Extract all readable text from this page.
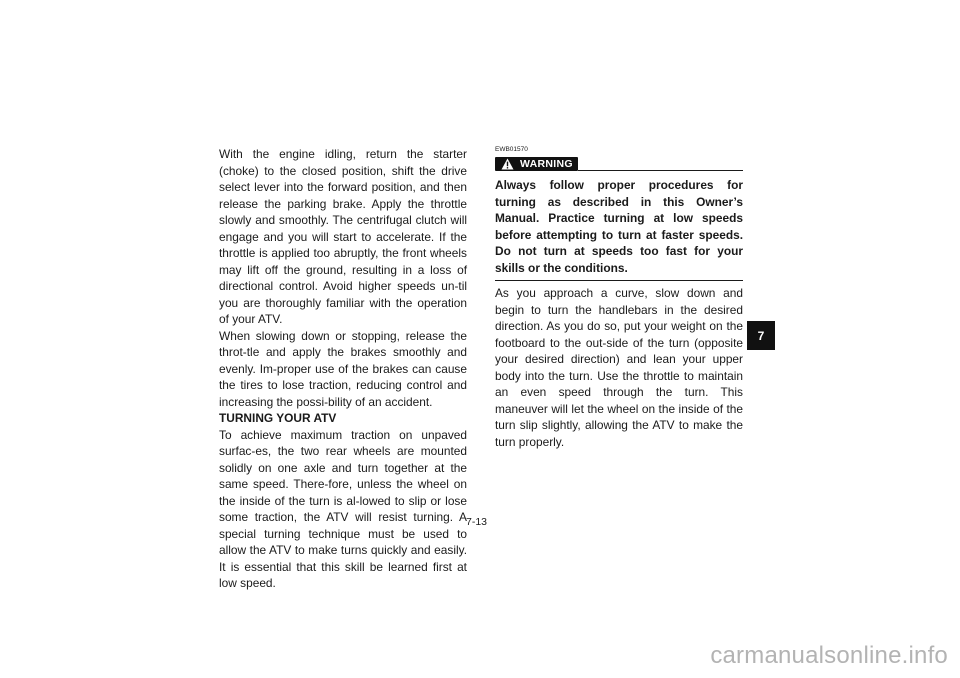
With the engine idling, return the starter (choke) to the closed position, shift the drive select lever into the forward position, and then release the parking brake. Apply the throttle slowly and smoothly. The centrifugal clutch will engage and you will start to accelerate. If the throttle is applied too abruptly, the front wheels may lift off the ground, resulting in a loss of directional control. Avoid higher speeds un-til you are thoroughly familiar with the operation of your ATV.

When slowing down or stopping, release the throt-tle and apply the brakes smoothly and evenly. Im-proper use of the brakes can cause the tires to lose traction, reducing control and increasing the possi-bility of an accident.

TURNING YOUR ATV

To achieve maximum traction on unpaved surfac-es, the two rear wheels are mounted solidly on one axle and turn together at the same speed. There-fore, unless the wheel on the inside of the turn is al-lowed to slip or lose some traction, the ATV will resist turning. A special turning technique must be used to allow the ATV to make turns quickly and easily. It is essential that this skill be learned first at low speed.

EWB01570

WARNING

Always follow proper procedures for turning as described in this Owner’s Manual. Practice turning at low speeds before attempting to turn at faster speeds. Do not turn at speeds too fast for your skills or the conditions.

As you approach a curve, slow down and begin to turn the handlebars in the desired direction. As you do so, put your weight on the footboard to the out-side of the turn (opposite your desired direction) and lean your upper body into the turn. Use the throttle to maintain an even speed through the turn. This maneuver will let the wheel on the inside of the turn slip slightly, allowing the ATV to make the turn properly.

7
7-13
carmanualsonline.info
